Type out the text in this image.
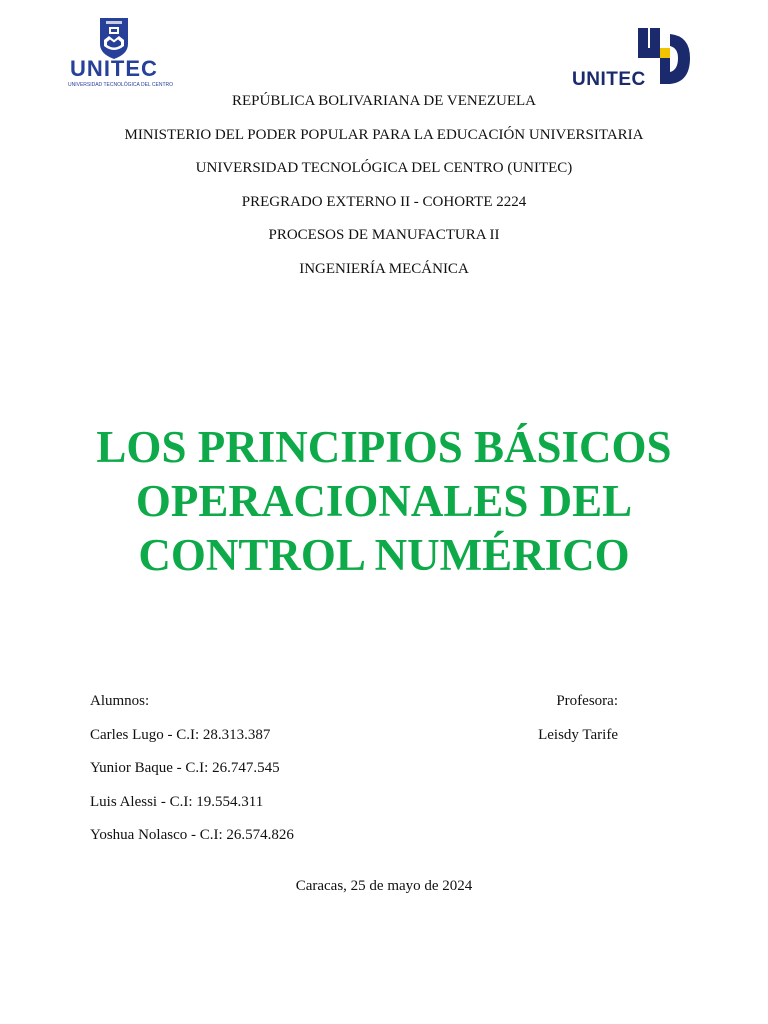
UNITEC
UNIVERSIDAD TECNOLÓGICA DEL CENTRO	UNITEC
REPÚBLICA BOLIVARIANA DE VENEZUELA
MINISTERIO DEL PODER POPULAR PARA LA EDUCACIÓN UNIVERSITARIA
UNIVERSIDAD TECNOLÓGICA DEL CENTRO (UNITEC)
PREGRADO EXTERNO II - COHORTE 2224
PROCESOS DE MANUFACTURA II
INGENIERÍA MECÁNICA
LOS PRINCIPIOS BÁSICOS
OPERACIONALES DEL
CONTROL NUMÉRICO
Alumnos:
Carles Lugo - C.I: 28.313.387
Yunior Baque - C.I: 26.747.545
Luis Alessi - C.I: 19.554.311
Yoshua Nolasco - C.I: 26.574.826
Profesora:
Leisdy Tarife
Caracas, 25 de mayo de 2024
